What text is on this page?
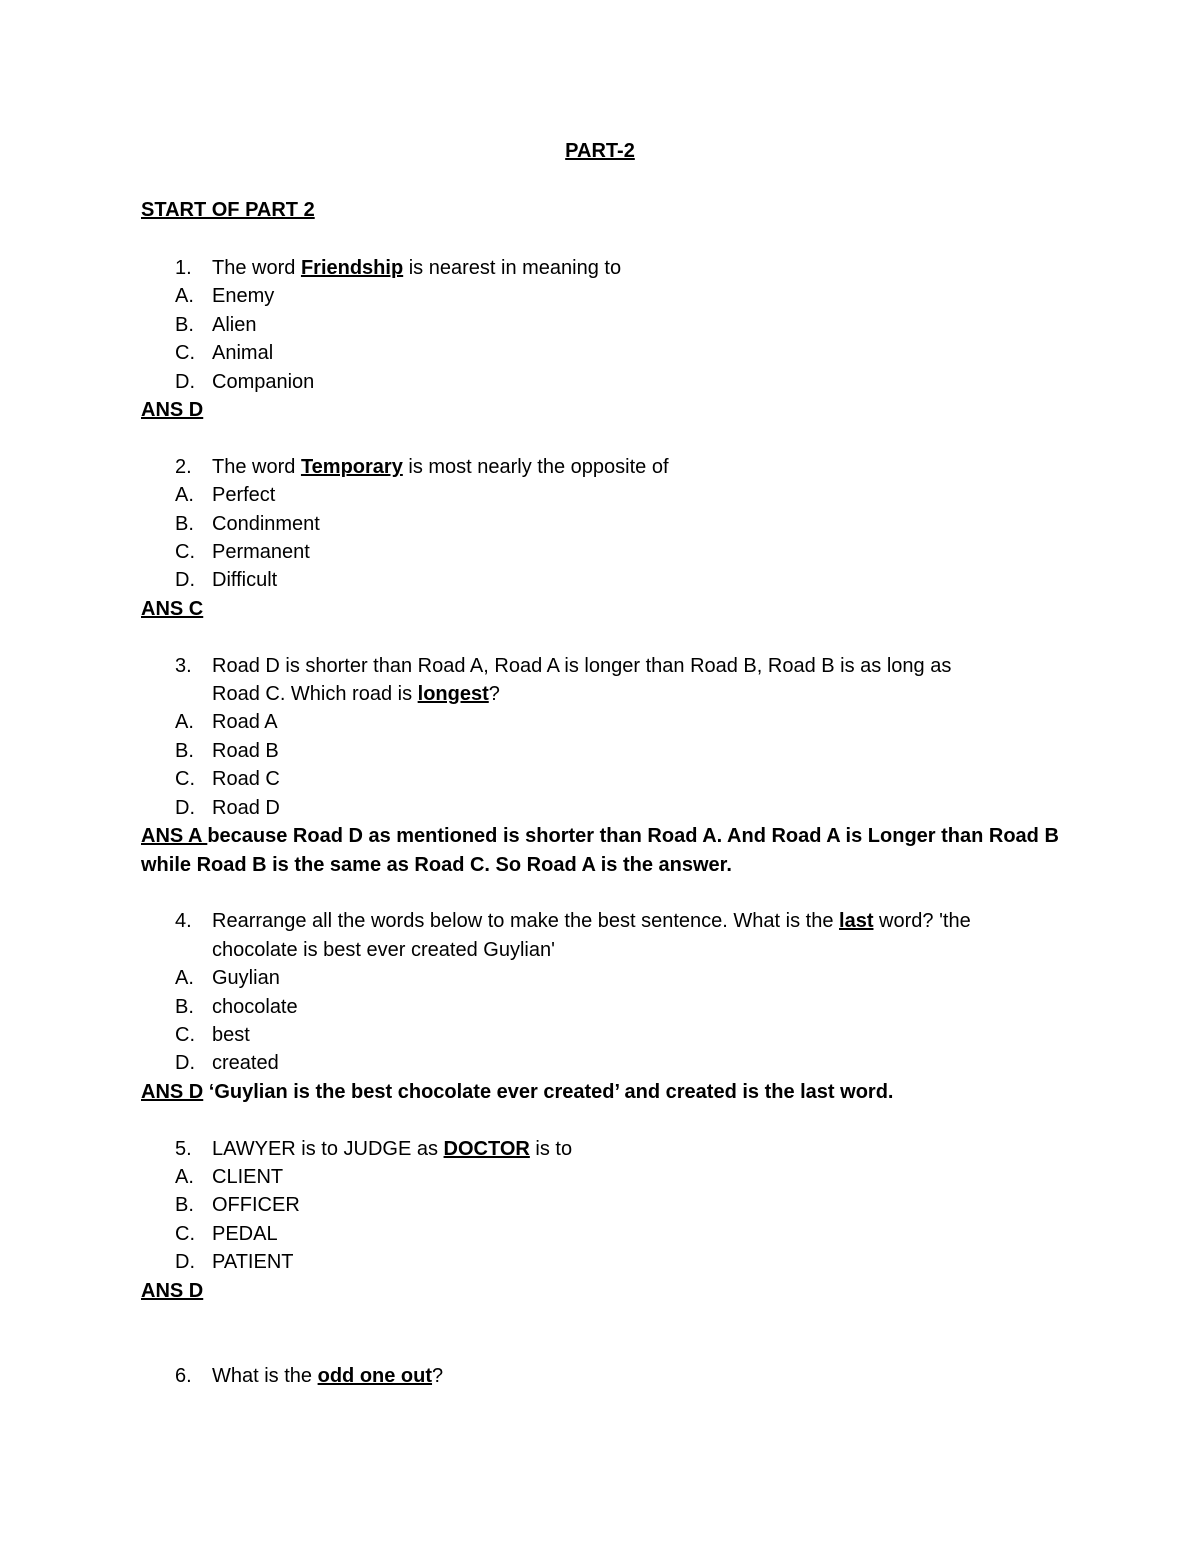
PART-2
START OF PART 2
1. The word Friendship is nearest in meaning to
A. Enemy
B. Alien
C. Animal
D. Companion
ANS D
2. The word Temporary is most nearly the opposite of
A. Perfect
B. Condinment
C. Permanent
D. Difficult
ANS C
3. Road D is shorter than Road A, Road A is longer than Road B, Road B is as long as
Road C. Which road is longest?
A. Road A
B. Road B
C. Road C
D. Road D
ANS A because Road D as mentioned is shorter than Road A. And Road A is Longer than Road B while Road B is the same as Road C. So Road A is the answer.
4. Rearrange all the words below to make the best sentence. What is the last word? 'the
chocolate is best ever created Guylian'
A. Guylian
B. chocolate
C. best
D. created
ANS D ‘Guylian is the best chocolate ever created’ and created is the last word.
5. LAWYER is to JUDGE as DOCTOR is to
A. CLIENT
B. OFFICER
C. PEDAL
D. PATIENT
ANS D
6. What is the odd one out?
